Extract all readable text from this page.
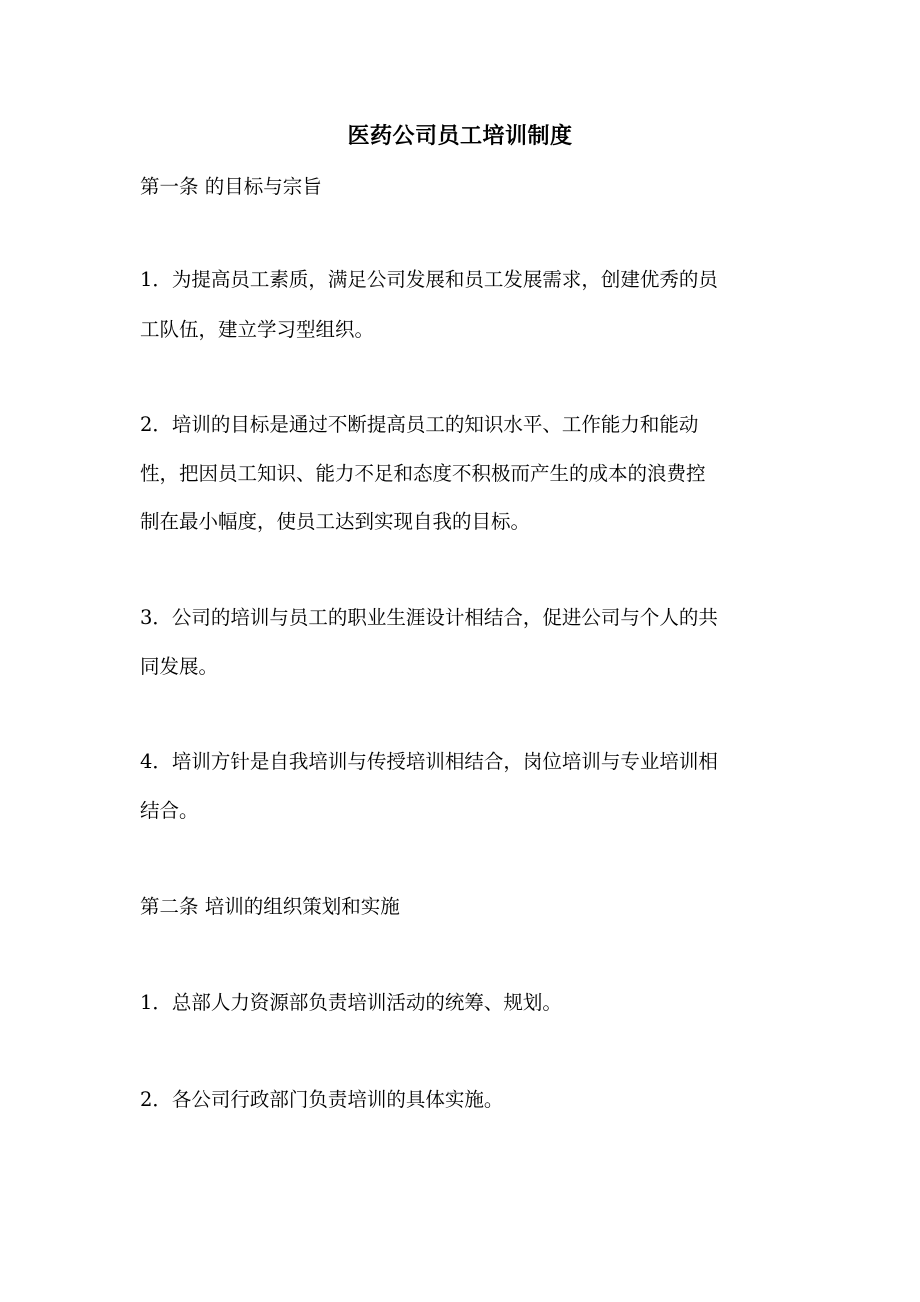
医药公司员工培训制度
第一条 的目标与宗旨
1．为提高员工素质，满足公司发展和员工发展需求，创建优秀的员
工队伍，建立学习型组织。
2．培训的目标是通过不断提高员工的知识水平、工作能力和能动
性，把因员工知识、能力不足和态度不积极而产生的成本的浪费控
制在最小幅度，使员工达到实现自我的目标。
3．公司的培训与员工的职业生涯设计相结合，促进公司与个人的共
同发展。
4．培训方针是自我培训与传授培训相结合，岗位培训与专业培训相
结合。
第二条 培训的组织策划和实施
1．总部人力资源部负责培训活动的统筹、规划。
2．各公司行政部门负责培训的具体实施。
